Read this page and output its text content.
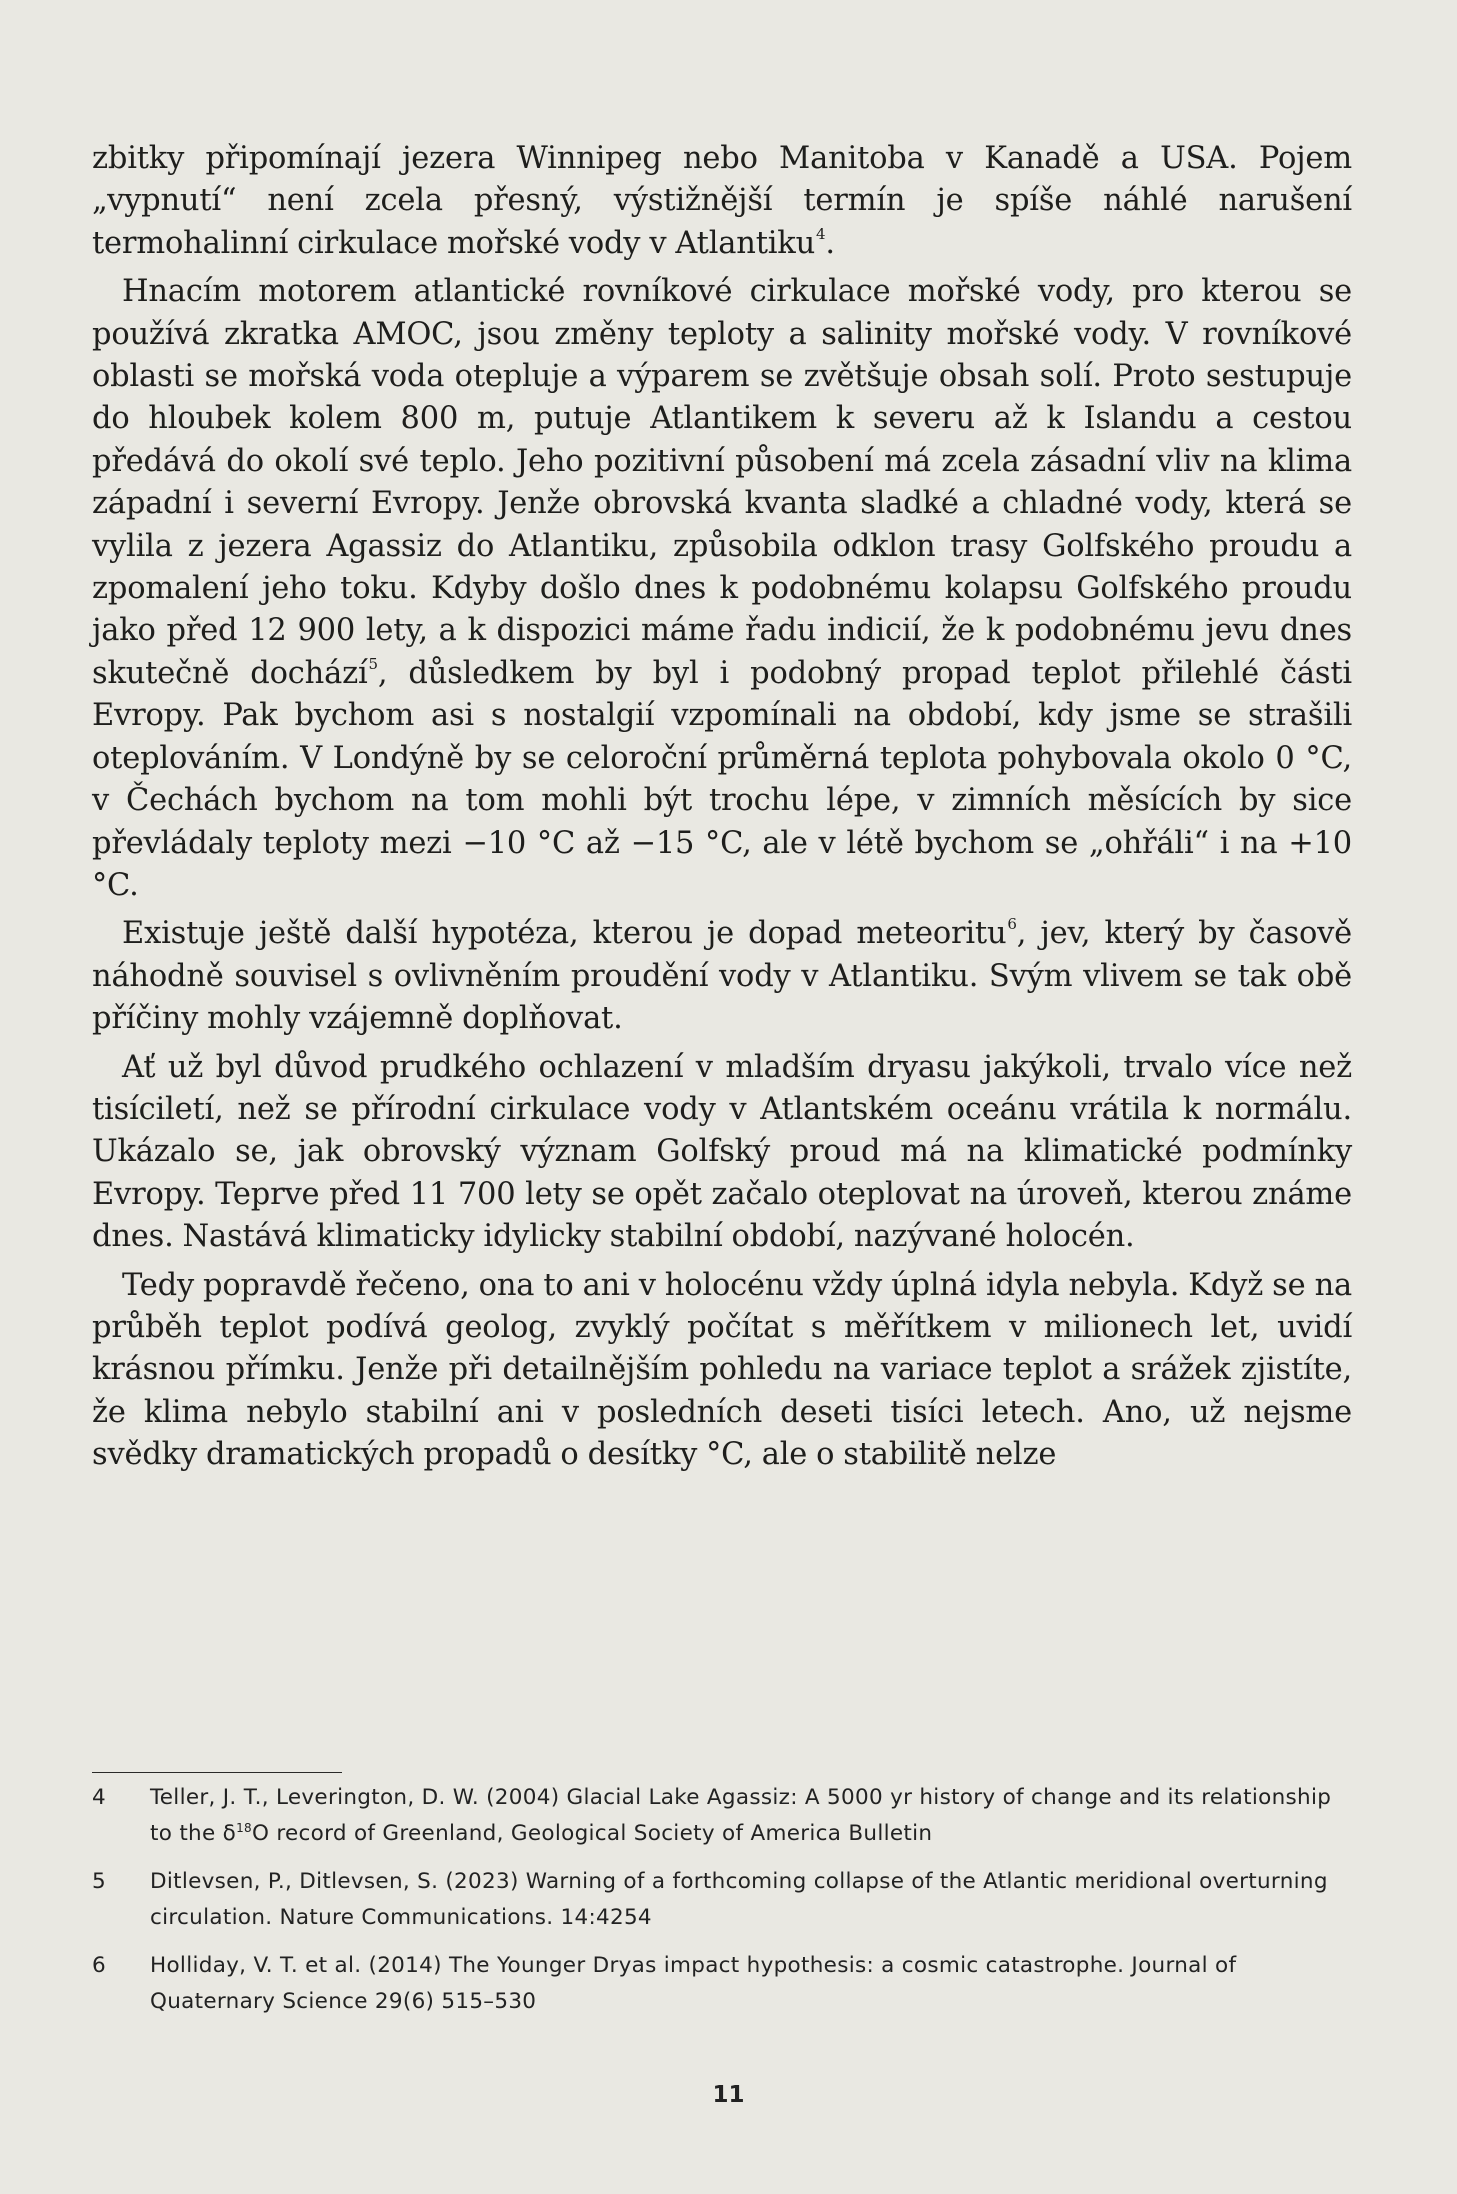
zbitky připomínají jezera Winnipeg nebo Manitoba v Kanadě a USA. Pojem „vypnutí“ není zcela přesný, výstižnější termín je spíše náhlé narušení termohalinní cirkulace mořské vody v Atlantiku$^4$.

Hnacím motorem atlantické rovníkové cirkulace mořské vody, pro kterou se používá zkratka AMOC, jsou změny teploty a salinity mořské vody. V rovníkové oblasti se mořská voda otepluje a výparem se zvětšuje obsah solí. Proto sestupuje do hloubek kolem 800 m, putuje Atlantikem k severu až k Islandu a cestou předává do okolí své teplo. Jeho pozitivní působení má zcela zásadní vliv na klima západní i severní Evropy. Jenže obrovská kvanta sladké a chladné vody, která se vylila z jezera Agassiz do Atlantiku, způsobila odklon trasy Golfského proudu a zpomalení jeho toku. Kdyby došlo dnes k podobnému kolapsu Golfského proudu jako před 12 900 lety, a k dispozici máme řadu indicií, že k podobnému jevu dnes skutečně dochází$^5$, důsledkem by byl i podobný propad teplot přilehlé části Evropy. Pak bychom asi s nostalgií vzpomínali na období, kdy jsme se strašili oteplováním. V Londýně by se celoroční průměrná teplota pohybovala okolo 0 °C, v Čechách bychom na tom mohli být trochu lépe, v zimních měsících by sice převládaly teploty mezi −10 °C až −15 °C, ale v létě bychom se „ohřáli“ i na +10 °C.

Existuje ještě další hypotéza, kterou je dopad meteoritu$^6$, jev, který by časově náhodně souvisel s ovlivněním proudění vody v Atlantiku. Svým vlivem se tak obě příčiny mohly vzájemně doplňovat.

Ať už byl důvod prudkého ochlazení v mladším dryasu jakýkoli, trvalo více než tisíciletí, než se přírodní cirkulace vody v Atlantském oceánu vrátila k normálu. Ukázalo se, jak obrovský význam Golfský proud má na klimatické podmínky Evropy. Teprve před 11 700 lety se opět začalo oteplovat na úroveň, kterou známe dnes. Nastává klimaticky idylicky stabilní období, nazývané holocén.

Tedy popravdě řečeno, ona to ani v holocénu vždy úplná idyla nebyla. Když se na průběh teplot podívá geolog, zvyklý počítat s měřítkem v milionech let, uvidí krásnou přímku. Jenže při detailnějším pohledu na variace teplot a srážek zjistíte, že klima nebylo stabilní ani v posledních deseti tisíci letech. Ano, už nejsme svědky dramatických propadů o desítky °C, ale o stabilitě nelze

4	Teller, J. T., Leverington, D. W. (2004) Glacial Lake Agassiz: A 5000 yr history of change and its relationship to the $\delta^{18}O$ record of Greenland, Geological Society of America Bulletin
5	Ditlevsen, P., Ditlevsen, S. (2023) Warning of a forthcoming collapse of the Atlantic meridional overturning circulation. Nature Communications. 14:4254
6	Holliday, V. T. et al. (2014) The Younger Dryas impact hypothesis: a cosmic catastrophe. Journal of Quaternary Science 29(6) 515–530
11
